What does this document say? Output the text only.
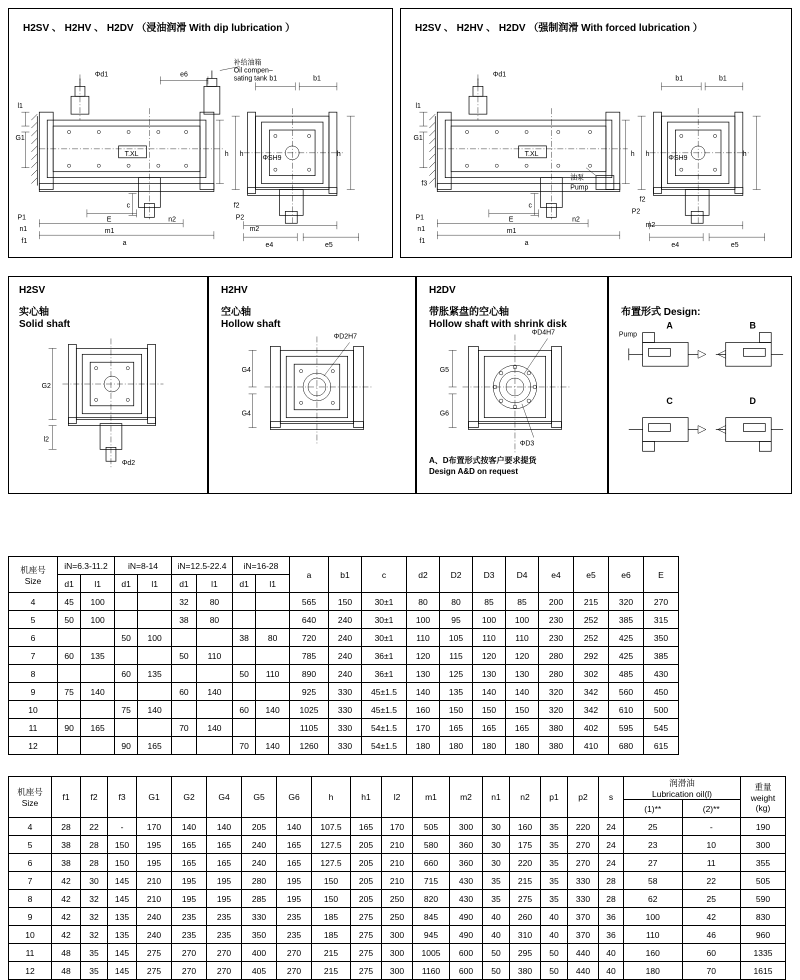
H2SV 、 H2HV 、 H2DV （浸油润滑 With dip lubrication ）
补给油箱
Oil compen–
sating tank
e6
b1	b1
Φd1
l1
G1
h h	h
ΦSH9
T.XL
c
P1	P2
n1
E	n2
f2
m1	m2
f1	a	e4	e5
H2SV 、 H2HV 、 H2DV （强制润滑 With forced lubrication ）
Φd1
b1	b1
l1
G1
h h	h
ΦSH9
T.XL
油泵
Pump
f3
c
P1
P2
n1
E	n2
f2
m1
m2
f1	a	e4	e5
H2SV
实心轴
Solid shaft
G2
l2
Φd2
H2HV
空心轴
Hollow shaft
ΦD2H7
G4
G4
H2DV
带胀紧盘的空心轴
Hollow shaft with shrink disk
A、D布置形式按客户要求提货
Design A&D on request
ΦD4H7
G5
G6
ΦD3
布置形式 Design:
A	B
C	D
Pump
机座号
Size	iN=6.3-11.2		iN=8-14		iN=12.5-22.4		iN=16-28		a	b1	c	d2	D2	D3	D4	e4	e5	e6	E
	d1	l1	d1	l1	d1	l1	d1	l1											
4	45	100			32	80			565	150	30±1	80	80	85	85	200	215	320	270
5	50	100			38	80			640	240	30±1	100	95	100	100	230	252	385	315
6			50	100			38	80	720	240	30±1	110	105	110	110	230	252	425	350
7	60	135			50	110			785	240	36±1	120	115	120	120	280	292	425	385
8			60	135			50	110	890	240	36±1	130	125	130	130	280	302	485	430
9	75	140			60	140			925	330	45±1.5	140	135	140	140	320	342	560	450
10			75	140			60	140	1025	330	45±1.5	160	150	150	150	320	342	610	500
11	90	165			70	140			1105	330	54±1.5	170	165	165	165	380	402	595	545
12			90	165			70	140	1260	330	54±1.5	180	180	180	180	380	410	680	615
机座号
Size
	f1	f2	f3	G1	G2	G4	G5	G6	h	h1	l2	m1	m2	n1	n2	p1	p2	s	
润滑油
Lubrication oil(l)

重量
weight
(kg)

																			(1)**	(2)**	
4	28	22	-	170	140	140	205	140	107.5	165	170	505	300	30	160	35	220	24	25	-	190
5	38	28	150	195	165	165	240	165	127.5	205	210	580	360	30	175	35	270	24	23	10	300
6	38	28	150	195	165	165	240	165	127.5	205	210	660	360	30	220	35	270	24	27	11	355
7	42	30	145	210	195	195	280	195	150	205	210	715	430	35	215	35	330	28	58	22	505
8	42	32	145	210	195	195	285	195	150	205	250	820	430	35	275	35	330	28	62	25	590
9	42	32	135	240	235	235	330	235	185	275	250	845	490	40	260	40	370	36	100	42	830
10	42	32	135	240	235	235	350	235	185	275	300	945	490	40	310	40	370	36	110	46	960
11	48	35	145	275	270	270	400	270	215	275	300	1005	600	50	295	50	440	40	160	60	1335
12	48	35	145	275	270	270	405	270	215	275	300	1160	600	50	380	50	440	40	180	70	1615
